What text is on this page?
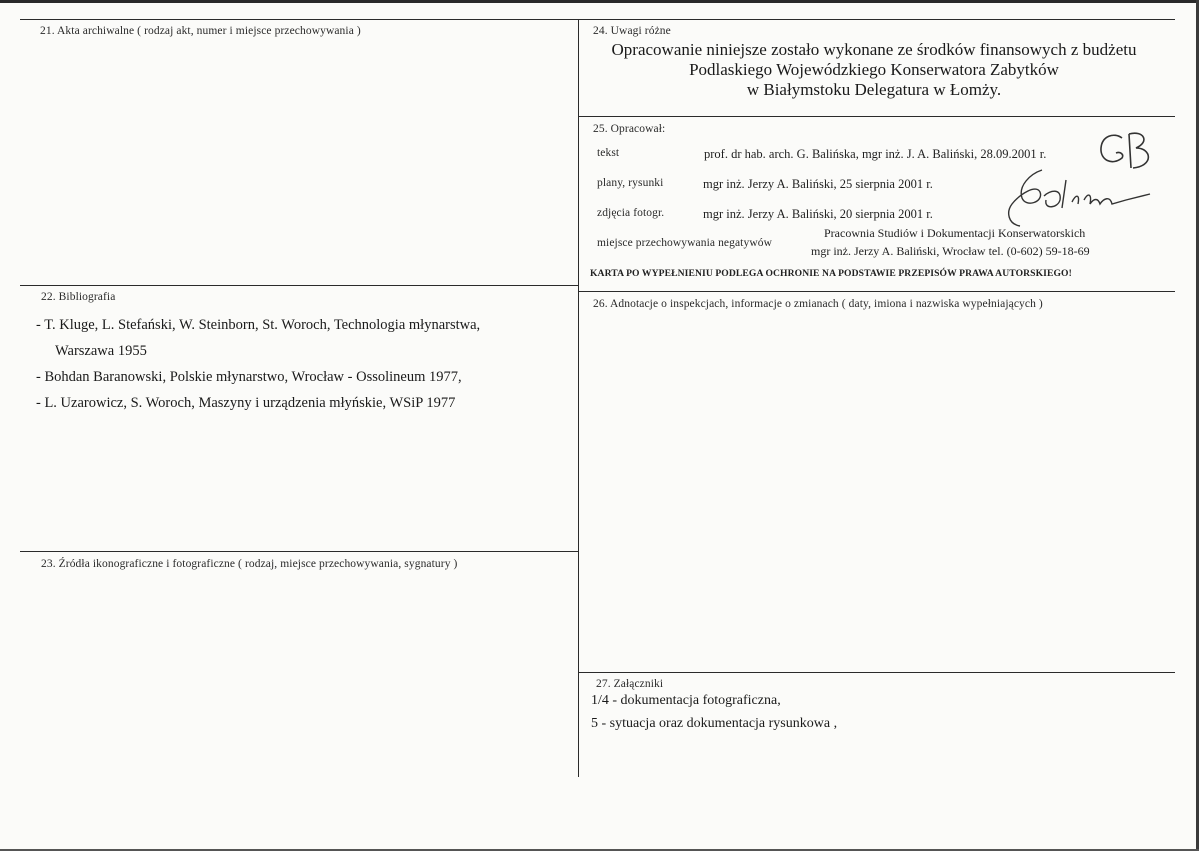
21. Akta archiwalne ( rodzaj akt, numer i miejsce przechowywania )
22. Bibliografia
- T. Kluge, L. Stefański, W. Steinborn, St. Woroch, Technologia młynarstwa,
Warszawa 1955
- Bohdan Baranowski, Polskie młynarstwo, Wrocław - Ossolineum 1977,
- L. Uzarowicz, S. Woroch, Maszyny i urządzenia młyńskie, WSiP 1977
23. Źródła ikonograficzne i fotograficzne ( rodzaj, miejsce przechowywania, sygnatury )
24. Uwagi różne
Opracowanie niniejsze zostało wykonane ze środków finansowych z budżetu
Podlaskiego Wojewódzkiego Konserwatora Zabytków
w Białymstoku Delegatura w Łomży.
25. Opracował:
tekst	prof. dr hab. arch. G. Balińska, mgr inż. J. A. Baliński, 28.09.2001 r.
plany, rysunki	mgr inż. Jerzy A. Baliński, 25 sierpnia 2001 r.
zdjęcia fotogr.	mgr inż. Jerzy A. Baliński, 20 sierpnia 2001 r.
miejsce przechowywania negatywów
Pracownia Studiów i Dokumentacji Konserwatorskich
mgr inż. Jerzy A. Baliński, Wrocław tel. (0-602) 59-18-69
KARTA PO WYPEŁNIENIU PODLEGA OCHRONIE NA PODSTAWIE PRZEPISÓW PRAWA AUTORSKIEGO!
26. Adnotacje o inspekcjach, informacje o zmianach ( daty, imiona i nazwiska wypełniających )
27. Załączniki
1/4 - dokumentacja fotograficzna,
5 - sytuacja oraz dokumentacja rysunkowa ,
